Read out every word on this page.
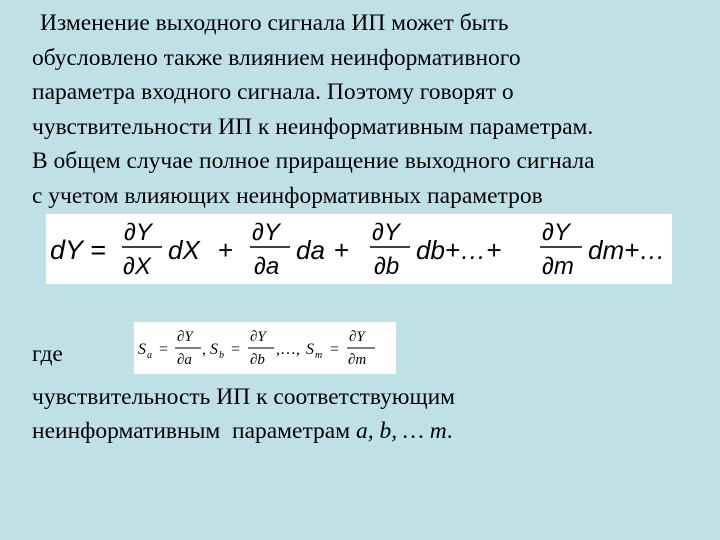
Изменение выходного сигнала ИП может быть
обусловлено также влиянием неинформативного
параметра входного сигнала. Поэтому говорят о
чувствительности ИП к неинформативным параметрам.
В общем случае полное приращение выходного сигнала
с учетом влияющих неинформативных параметров
dY =
∂Y
∂X
dX +
∂Y
∂a
da +
∂Y
∂b
db+…+
∂Y
∂m
dm+…
где	S a =
∂Y
∂a
, S b =
∂Y
∂b
,…, S m =
∂Y
∂m
чувствительность ИП к соответствующим
неинформативным  параметрам a, b, … m.
